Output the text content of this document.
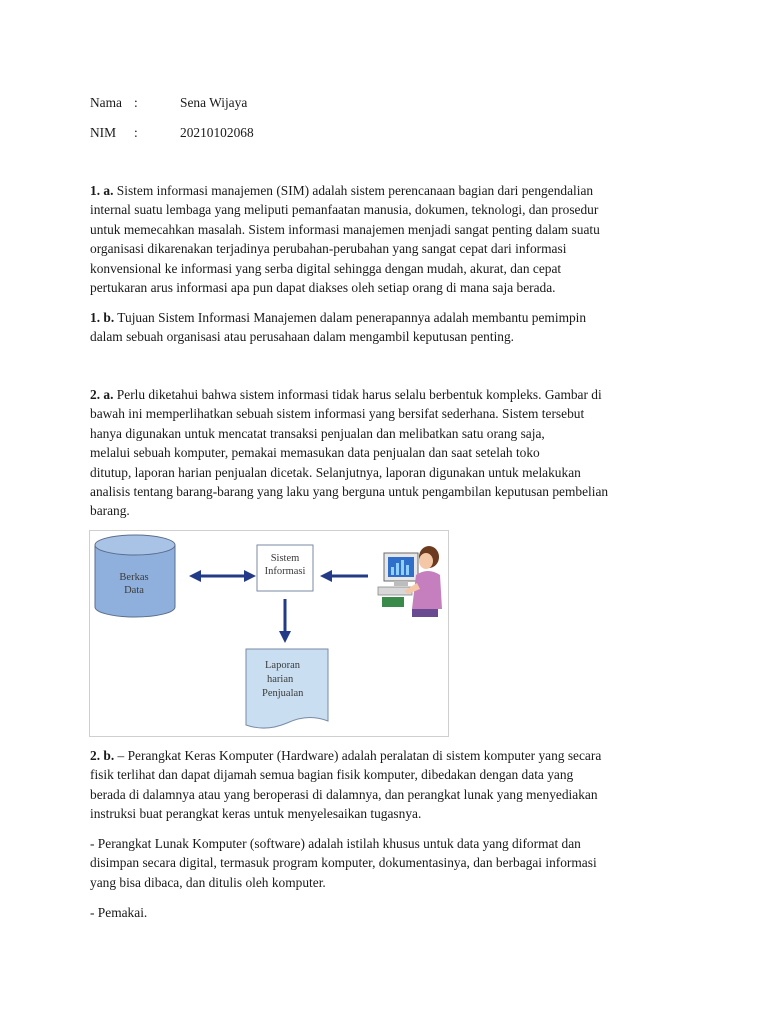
Nama :	Sena Wijaya
NIM :	20210102068

1. a. Sistem informasi manajemen (SIM) adalah sistem perencanaan bagian dari pengendalian
internal suatu lembaga yang meliputi pemanfaatan manusia, dokumen, teknologi, dan prosedur
untuk memecahkan masalah. Sistem informasi manajemen menjadi sangat penting dalam suatu
organisasi dikarenakan terjadinya perubahan-perubahan yang sangat cepat dari informasi
konvensional ke informasi yang serba digital sehingga dengan mudah, akurat, dan cepat
pertukaran arus informasi apa pun dapat diakses oleh setiap orang di mana saja berada.

1. b. Tujuan Sistem Informasi Manajemen dalam penerapannya adalah membantu pemimpin
dalam sebuah organisasi atau perusahaan dalam mengambil keputusan penting.

2. a. Perlu diketahui bahwa sistem informasi tidak harus selalu berbentuk kompleks. Gambar di
bawah ini memperlihatkan sebuah sistem informasi yang bersifat sederhana. Sistem tersebut
hanya digunakan untuk mencatat transaksi penjualan dan melibatkan satu orang saja,
melalui sebuah komputer, pemakai memasukan data penjualan dan saat setelah toko
ditutup, laporan harian penjualan dicetak. Selanjutnya, laporan digunakan untuk melakukan
analisis tentang barang-barang yang laku yang berguna untuk pengambilan keputusan pembelian
barang.

Berkas
Data
Sistem
Informasi
Laporan
harian
Penjualan

2. b. – Perangkat Keras Komputer (Hardware) adalah peralatan di sistem komputer yang secara
fisik terlihat dan dapat dijamah semua bagian fisik komputer, dibedakan dengan data yang
berada di dalamnya atau yang beroperasi di dalamnya, dan perangkat lunak yang menyediakan
instruksi buat perangkat keras untuk menyelesaikan tugasnya.

- Perangkat Lunak Komputer (software) adalah istilah khusus untuk data yang diformat dan
disimpan secara digital, termasuk program komputer, dokumentasinya, dan berbagai informasi
yang bisa dibaca, dan ditulis oleh komputer.

- Pemakai.
